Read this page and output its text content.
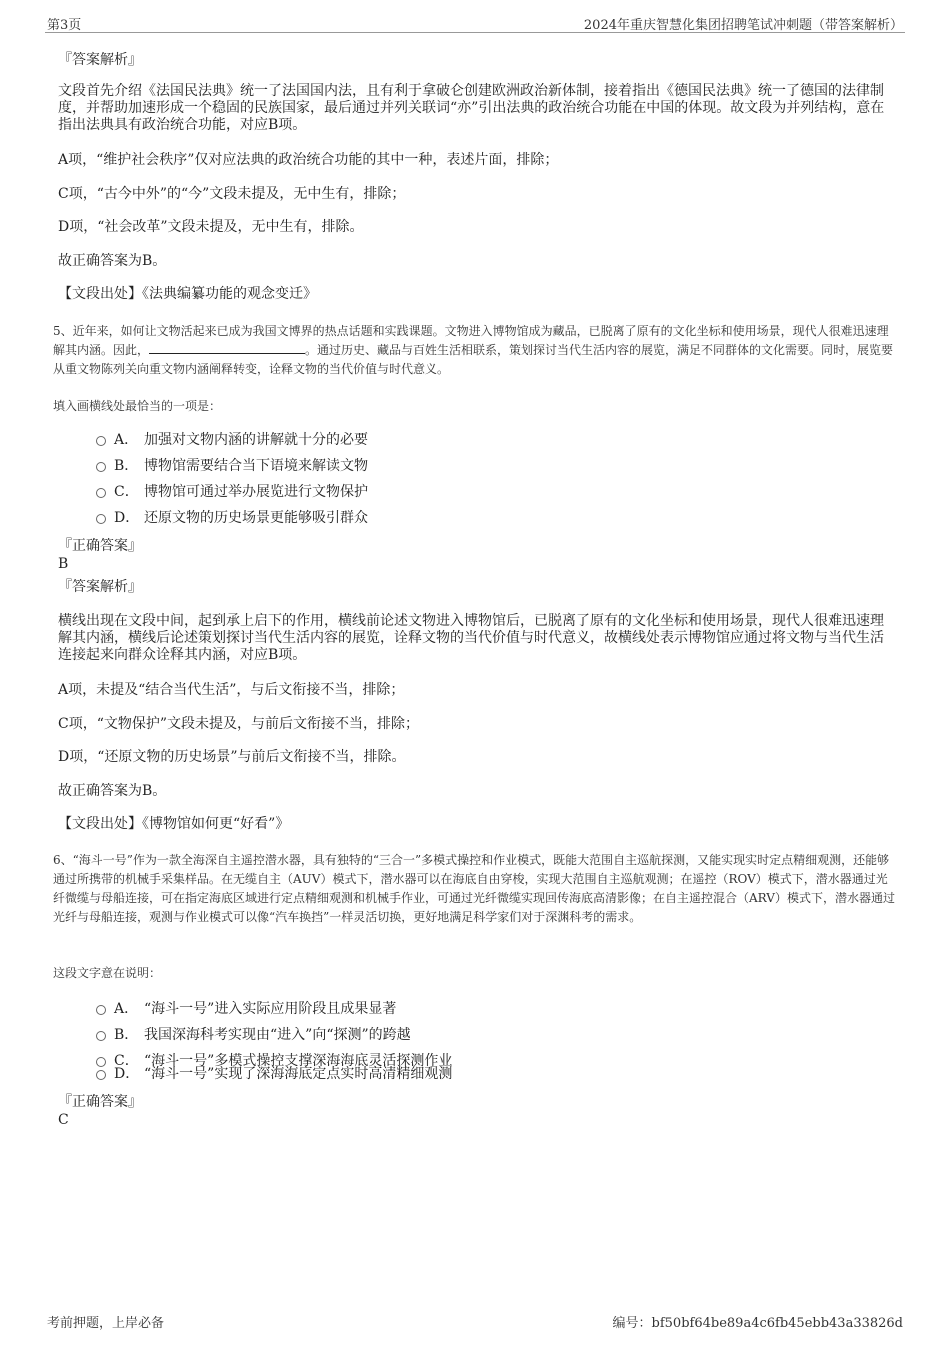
第3页	2024年重庆智慧化集团招聘笔试冲刺题（带答案解析）
『答案解析』
文段首先介绍《法国民法典》统一了法国国内法，且有利于拿破仑创建欧洲政治新体制，接着指出《德国民法典》统一了德国的法律制度，并帮助加速形成一个稳固的民族国家，最后通过并列关联词“亦”引出法典的政治统合功能在中国的体现。故文段为并列结构，意在指出法典具有政治统合功能，对应B项。
A项，“维护社会秩序”仅对应法典的政治统合功能的其中一种，表述片面，排除；
C项，“古今中外”的“今”文段未提及，无中生有，排除；
D项，“社会改革”文段未提及，无中生有，排除。
故正确答案为B。
【文段出处】《法典编纂功能的观念变迁》
5、近年来，如何让文物活起来已成为我国文博界的热点话题和实践课题。文物进入博物馆成为藏品，已脱离了原有的文化坐标和使用场景，现代人很难迅速理解其内涵。因此，	。通过历史、藏品与百姓生活相联系，策划探讨当代生活内容的展览，满足不同群体的文化需要。同时，展览要从重文物陈列关向重文物内涵阐释转变，诠释文物的当代价值与时代意义。
填入画横线处最恰当的一项是：
A． 加强对文物内涵的讲解就十分的必要
B． 博物馆需要结合当下语境来解读文物
C． 博物馆可通过举办展览进行文物保护
D． 还原文物的历史场景更能够吸引群众
『正确答案』
B
『答案解析』
横线出现在文段中间，起到承上启下的作用，横线前论述文物进入博物馆后，已脱离了原有的文化坐标和使用场景，现代人很难迅速理解其内涵，横线后论述策划探讨当代生活内容的展览，诠释文物的当代价值与时代意义，故横线处表示博物馆应通过将文物与当代生活连接起来向群众诠释其内涵，对应B项。
A项，未提及“结合当代生活”，与后文衔接不当，排除；
C项，“文物保护”文段未提及，与前后文衔接不当，排除；
D项，“还原文物的历史场景”与前后文衔接不当，排除。
故正确答案为B。
【文段出处】《博物馆如何更“好看”》
6、“海斗一号”作为一款全海深自主遥控潜水器，具有独特的“三合一”多模式操控和作业模式，既能大范围自主巡航探测，又能实现实时定点精细观测，还能够通过所携带的机械手采集样品。在无缆自主（AUV）模式下，潜水器可以在海底自由穿梭，实现大范围自主巡航观测；在遥控（ROV）模式下，潜水器通过光纤微缆与母船连接，可在指定海底区域进行定点精细观测和机械手作业，可通过光纤微缆实现回传海底高清影像；在自主遥控混合（ARV）模式下，潜水器通过光纤与母船连接，观测与作业模式可以像“汽车换挡”一样灵活切换，更好地满足科学家们对于深渊科考的需求。
这段文字意在说明：
A． “海斗一号”进入实际应用阶段且成果显著
B． 我国深海科考实现由“进入”向“探测”的跨越
C． “海斗一号”多模式操控支撑深海海底灵活探测作业
D． “海斗一号”实现了深海海底定点实时高清精细观测
『正确答案』
C
考前押题，上岸必备	编号：bf50bf64be89a4c6fb45ebb43a33826d
